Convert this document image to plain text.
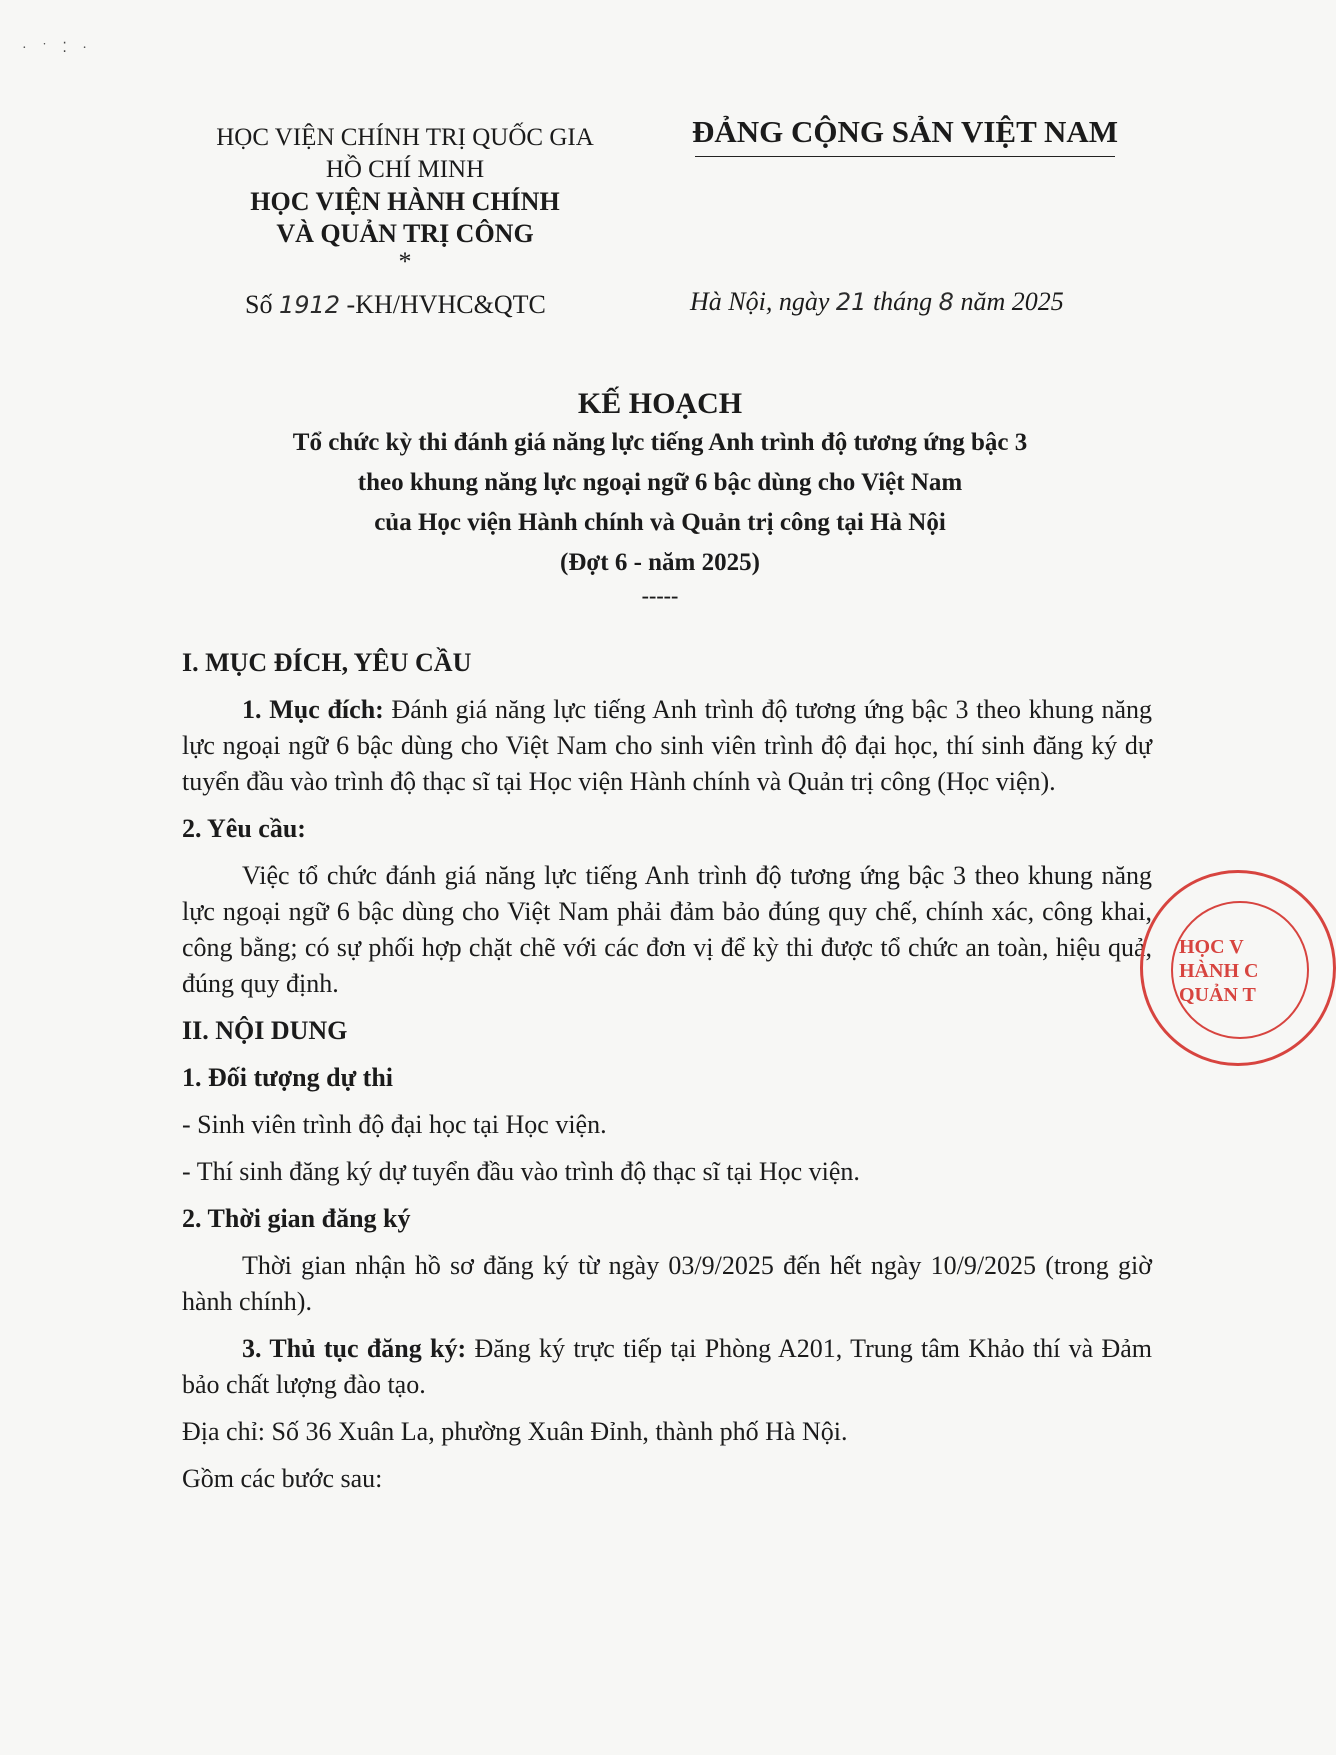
· ˙ ⁚ ·
HỌC VIỆN CHÍNH TRỊ QUỐC GIA
HỒ CHÍ MINH
HỌC VIỆN HÀNH CHÍNH
VÀ QUẢN TRỊ CÔNG
*
ĐẢNG CỘNG SẢN VIỆT NAM
Số 1912 -KH/HVHC&QTC	Hà Nội, ngày 21 tháng 8 năm 2025
KẾ HOẠCH
Tổ chức kỳ thi đánh giá năng lực tiếng Anh trình độ tương ứng bậc 3
theo khung năng lực ngoại ngữ 6 bậc dùng cho Việt Nam
của Học viện Hành chính và Quản trị công tại Hà Nội
(Đợt 6 - năm 2025)
-----

I. MỤC ĐÍCH, YÊU CẦU

1. Mục đích: Đánh giá năng lực tiếng Anh trình độ tương ứng bậc 3 theo khung năng lực ngoại ngữ 6 bậc dùng cho Việt Nam cho sinh viên trình độ đại học, thí sinh đăng ký dự tuyển đầu vào trình độ thạc sĩ tại Học viện Hành chính và Quản trị công (Học viện).

2. Yêu cầu:

Việc tổ chức đánh giá năng lực tiếng Anh trình độ tương ứng bậc 3 theo khung năng lực ngoại ngữ 6 bậc dùng cho Việt Nam phải đảm bảo đúng quy chế, chính xác, công khai, công bằng; có sự phối hợp chặt chẽ với các đơn vị để kỳ thi được tổ chức an toàn, hiệu quả, đúng quy định.

II. NỘI DUNG

1. Đối tượng dự thi

- Sinh viên trình độ đại học tại Học viện.

- Thí sinh đăng ký dự tuyển đầu vào trình độ thạc sĩ tại Học viện.

2. Thời gian đăng ký

Thời gian nhận hồ sơ đăng ký từ ngày 03/9/2025 đến hết ngày 10/9/2025 (trong giờ hành chính).

3. Thủ tục đăng ký: Đăng ký trực tiếp tại Phòng A201, Trung tâm Khảo thí và Đảm bảo chất lượng đào tạo.

Địa chỉ: Số 36 Xuân La, phường Xuân Đỉnh, thành phố Hà Nội.

Gồm các bước sau:

HỌC V
HÀNH C
QUẢN T
